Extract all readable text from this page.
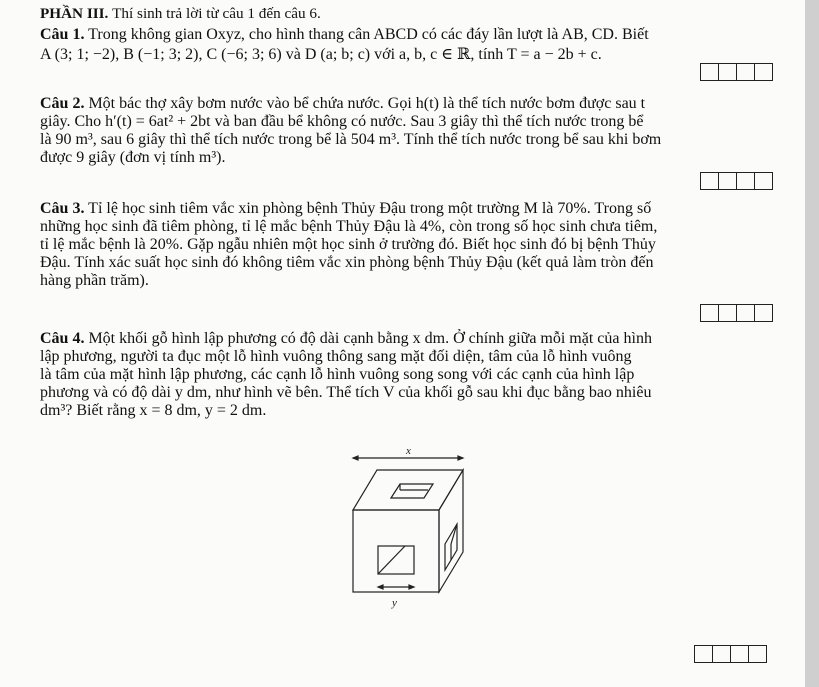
PHẦN III. Thí sinh trả lời từ câu 1 đến câu 6.

Câu 1. Trong không gian Oxyz, cho hình thang cân ABCD có các đáy lần lượt là AB, CD. Biết

A (3; 1; −2), B (−1; 3; 2), C (−6; 3; 6) và D (a; b; c) với a, b, c ∈ ℝ, tính T = a − 2b + c.

Câu 2. Một bác thợ xây bơm nước vào bể chứa nước. Gọi h(t) là thể tích nước bơm được sau t

giây. Cho h′(t) = 6at² + 2bt và ban đầu bể không có nước. Sau 3 giây thì thể tích nước trong bể

là 90 m³, sau 6 giây thì thể tích nước trong bể là 504 m³. Tính thể tích nước trong bể sau khi bơm

được 9 giây (đơn vị tính m³).

Câu 3. Tỉ lệ học sinh tiêm vắc xin phòng bệnh Thủy Đậu trong một trường M là 70%. Trong số

những học sinh đã tiêm phòng, tỉ lệ mắc bệnh Thủy Đậu là 4%, còn trong số học sinh chưa tiêm,

tỉ lệ mắc bệnh là 20%. Gặp ngẫu nhiên một học sinh ở trường đó. Biết học sinh đó bị bệnh Thủy

Đậu. Tính xác suất học sinh đó không tiêm vắc xin phòng bệnh Thủy Đậu (kết quả làm tròn đến

hàng phần trăm).

Câu 4. Một khối gỗ hình lập phương có độ dài cạnh bằng x dm. Ở chính giữa mỗi mặt của hình

lập phương, người ta đục một lỗ hình vuông thông sang mặt đối diện, tâm của lỗ hình vuông

là tâm của mặt hình lập phương, các cạnh lỗ hình vuông song song với các cạnh của hình lập

phương và có độ dài y dm, như hình vẽ bên. Thể tích V của khối gỗ sau khi đục bằng bao nhiêu

dm³? Biết rằng x = 8 dm, y = 2 dm.

x
y
